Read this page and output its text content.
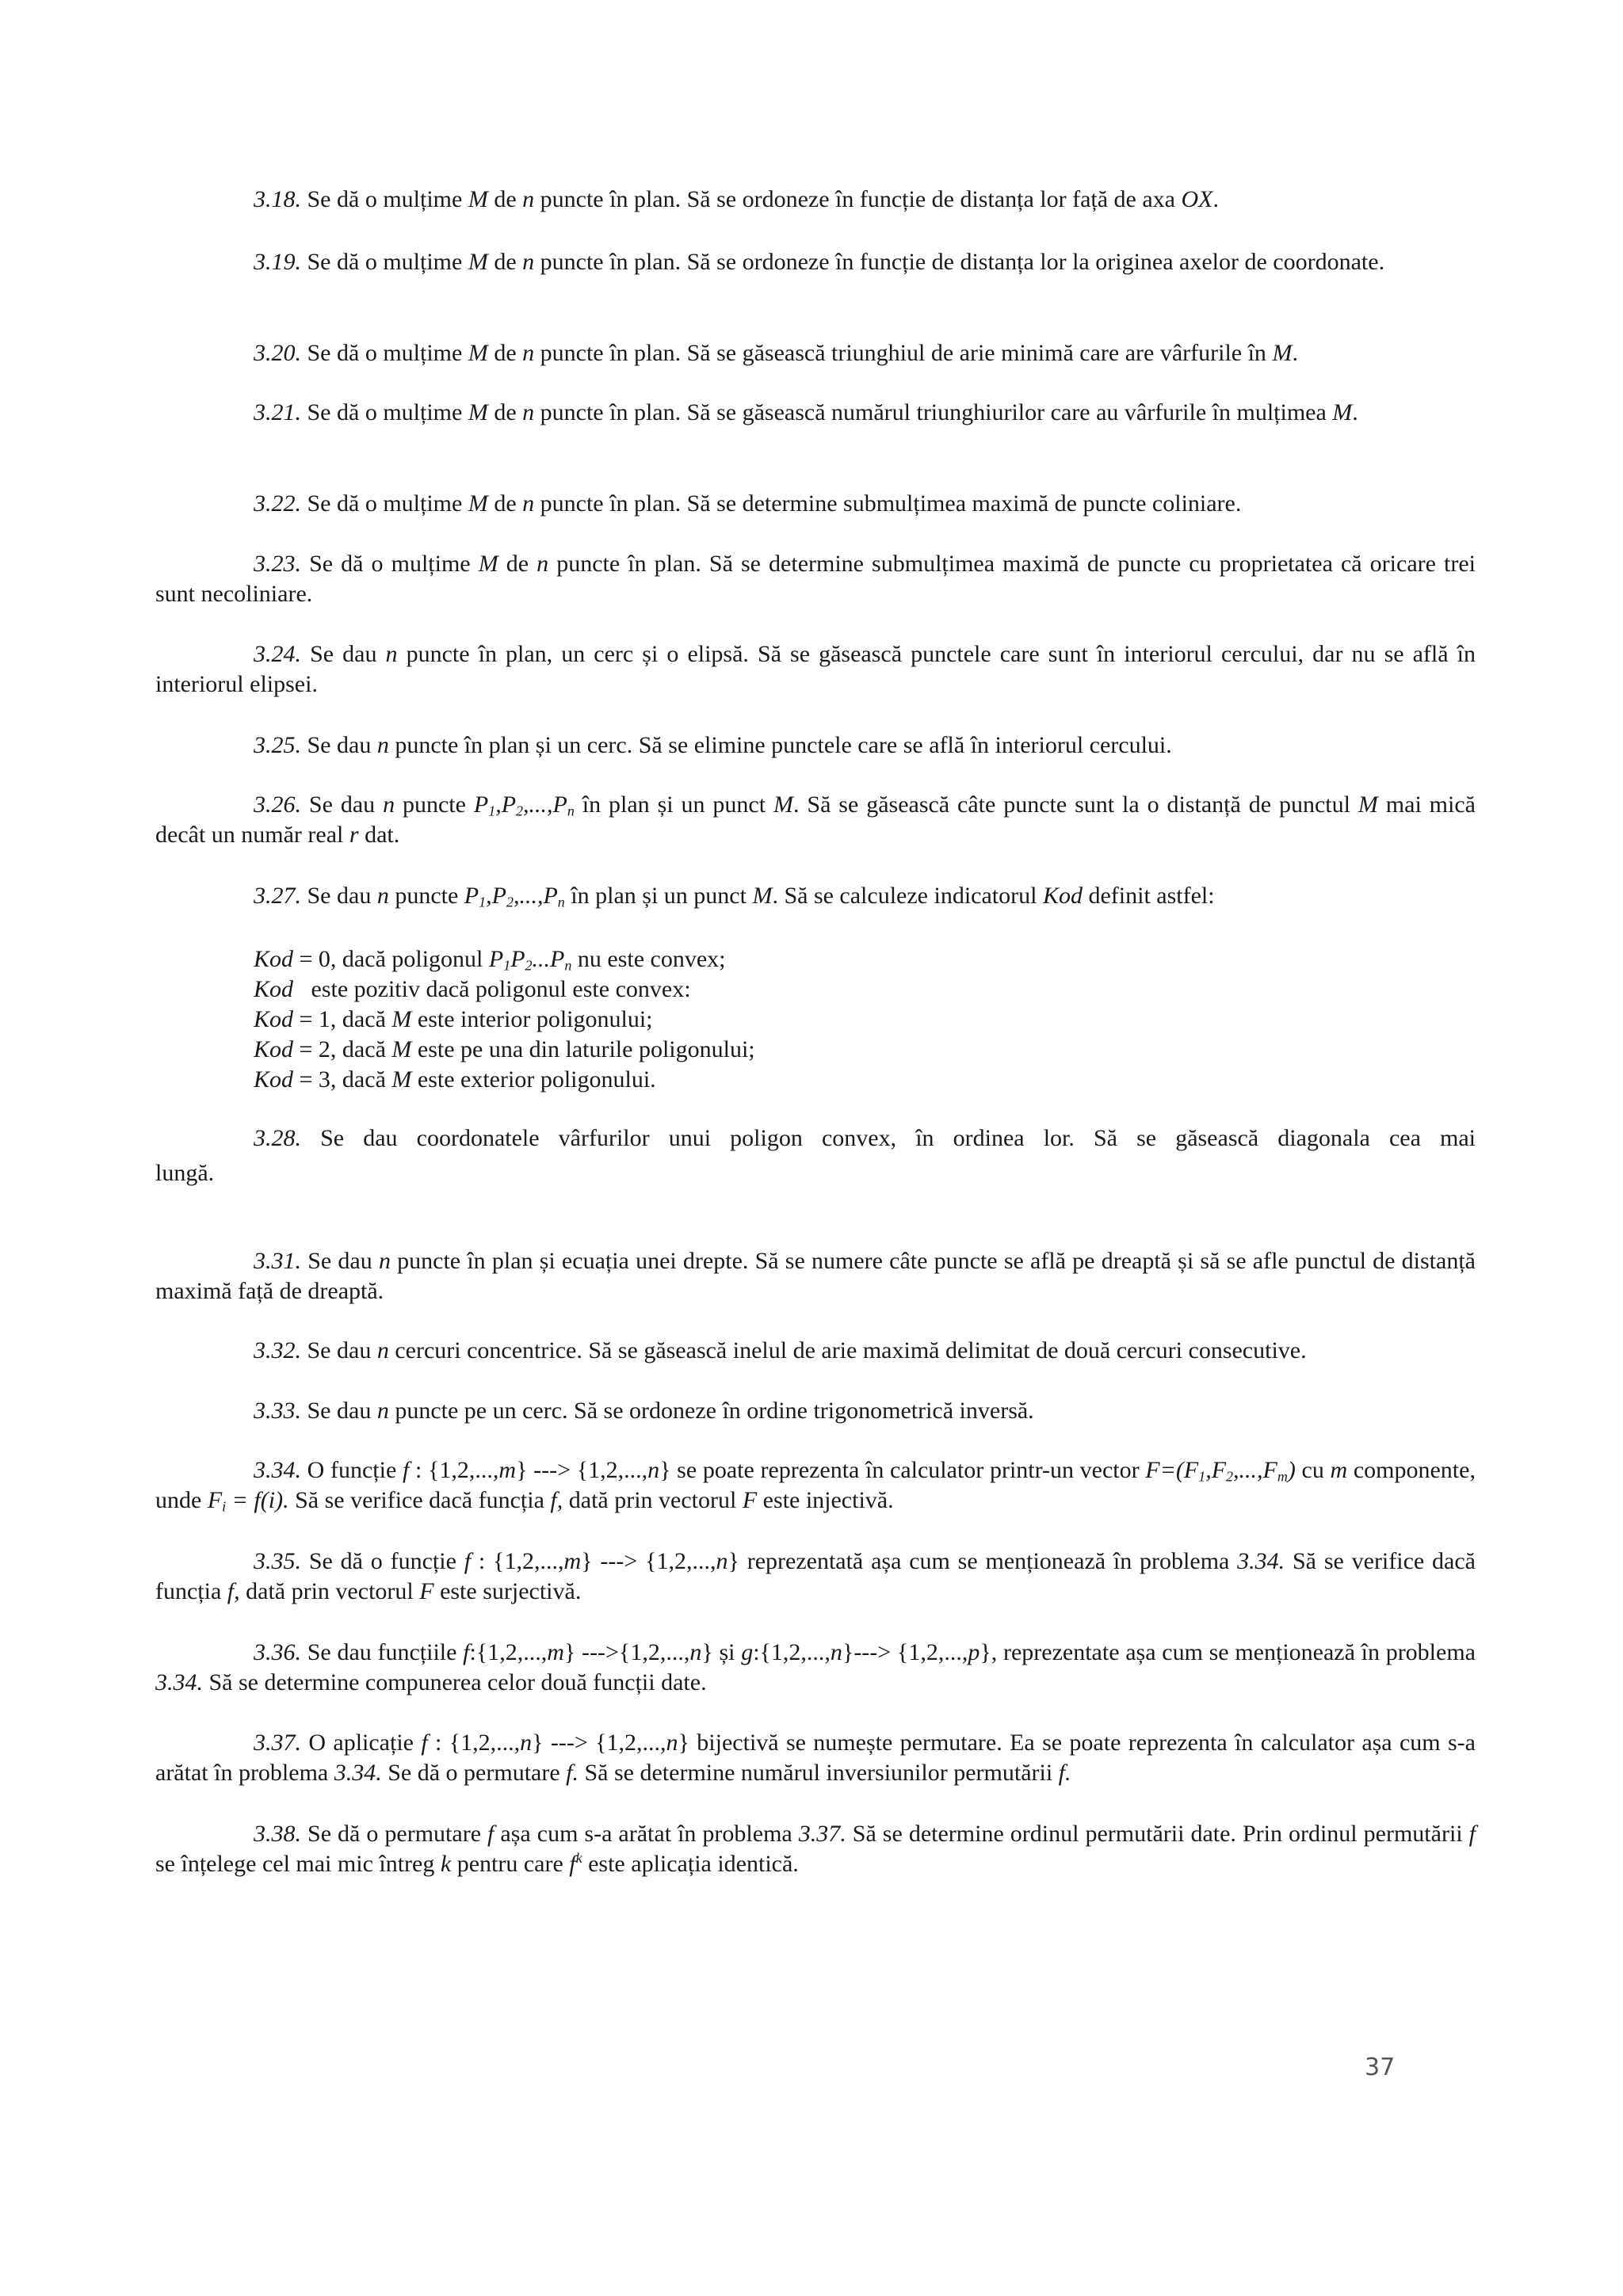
3.18. Se dă o mulțime M de n puncte în plan. Să se ordoneze în funcție de distanța lor față de axa OX.

3.19. Se dă o mulțime M de n puncte în plan. Să se ordoneze în funcție de distanța lor la originea axelor de coordonate.

3.20. Se dă o mulțime M de n puncte în plan. Să se găsească triunghiul de arie minimă care are vârfurile în M.

3.21. Se dă o mulțime M de n puncte în plan. Să se găsească numărul triunghiurilor care au vârfurile în mulțimea M.

3.22. Se dă o mulțime M de n puncte în plan. Să se determine submulțimea maximă de puncte coliniare.

3.23. Se dă o mulțime M de n puncte în plan. Să se determine submulțimea maximă de puncte cu proprietatea că oricare trei sunt necoliniare.

3.24. Se dau n puncte în plan, un cerc și o elipsă. Să se găsească punctele care sunt în interiorul cercului, dar nu se află în interiorul elipsei.

3.25. Se dau n puncte în plan și un cerc. Să se elimine punctele care se află în interiorul cercului.

3.26. Se dau n puncte $P_1,P_2,...,P_n$ în plan și un punct M. Să se găsească câte puncte sunt la o distanță de punctul M mai mică decât un număr real r dat.

3.27. Se dau n puncte $P_1,P_2,...,P_n$ în plan și un punct M. Să se calculeze indicatorul Kod definit astfel:

Kod = 0, dacă poligonul $P_1P_2...P_n$ nu este convex;
Kod   este pozitiv dacă poligonul este convex:
Kod = 1, dacă M este interior poligonului;
Kod = 2, dacă M este pe una din laturile poligonului;
Kod = 3, dacă M este exterior poligonului.
3.28. Se dau coordonatele vârfurilor unui poligon convex, în ordinea lor. Să se găsească diagonala cea mai
lungă.

3.31. Se dau n puncte în plan și ecuația unei drepte. Să se numere câte puncte se află pe dreaptă și să se afle punctul de distanță maximă față de dreaptă.

3.32. Se dau n cercuri concentrice. Să se găsească inelul de arie maximă delimitat de două cercuri consecutive.

3.33. Se dau n puncte pe un cerc. Să se ordoneze în ordine trigonometrică inversă.

3.34. O funcție f : {1,2,...,m} ---> {1,2,...,n} se poate reprezenta în calculator printr-un vector $F=(F_1,F_2,...,F_m)$ cu m componente, unde $F_i = f(i)$. Să se verifice dacă funcția f, dată prin vectorul F este injectivă.

3.35. Se dă o funcție f : {1,2,...,m} ---> {1,2,...,n} reprezentată așa cum se menționează în problema 3.34. Să se verifice dacă funcția f, dată prin vectorul F este surjectivă.

3.36. Se dau funcțiile f:{1,2,...,m} --->{1,2,...,n} și g:{1,2,...,n}---> {1,2,...,p}, reprezentate așa cum se menționează în problema 3.34. Să se determine compunerea celor două funcții date.

3.37. O aplicație f : {1,2,...,n} ---> {1,2,...,n} bijectivă se numește permutare. Ea se poate reprezenta în calculator așa cum s-a arătat în problema 3.34. Se dă o permutare f. Să se determine numărul inversiunilor permutării f.

3.38. Se dă o permutare f așa cum s-a arătat în problema 3.37. Să se determine ordinul permutării date. Prin ordinul permutării f se înțelege cel mai mic întreg k pentru care $f^k$ este aplicația identică.

37
